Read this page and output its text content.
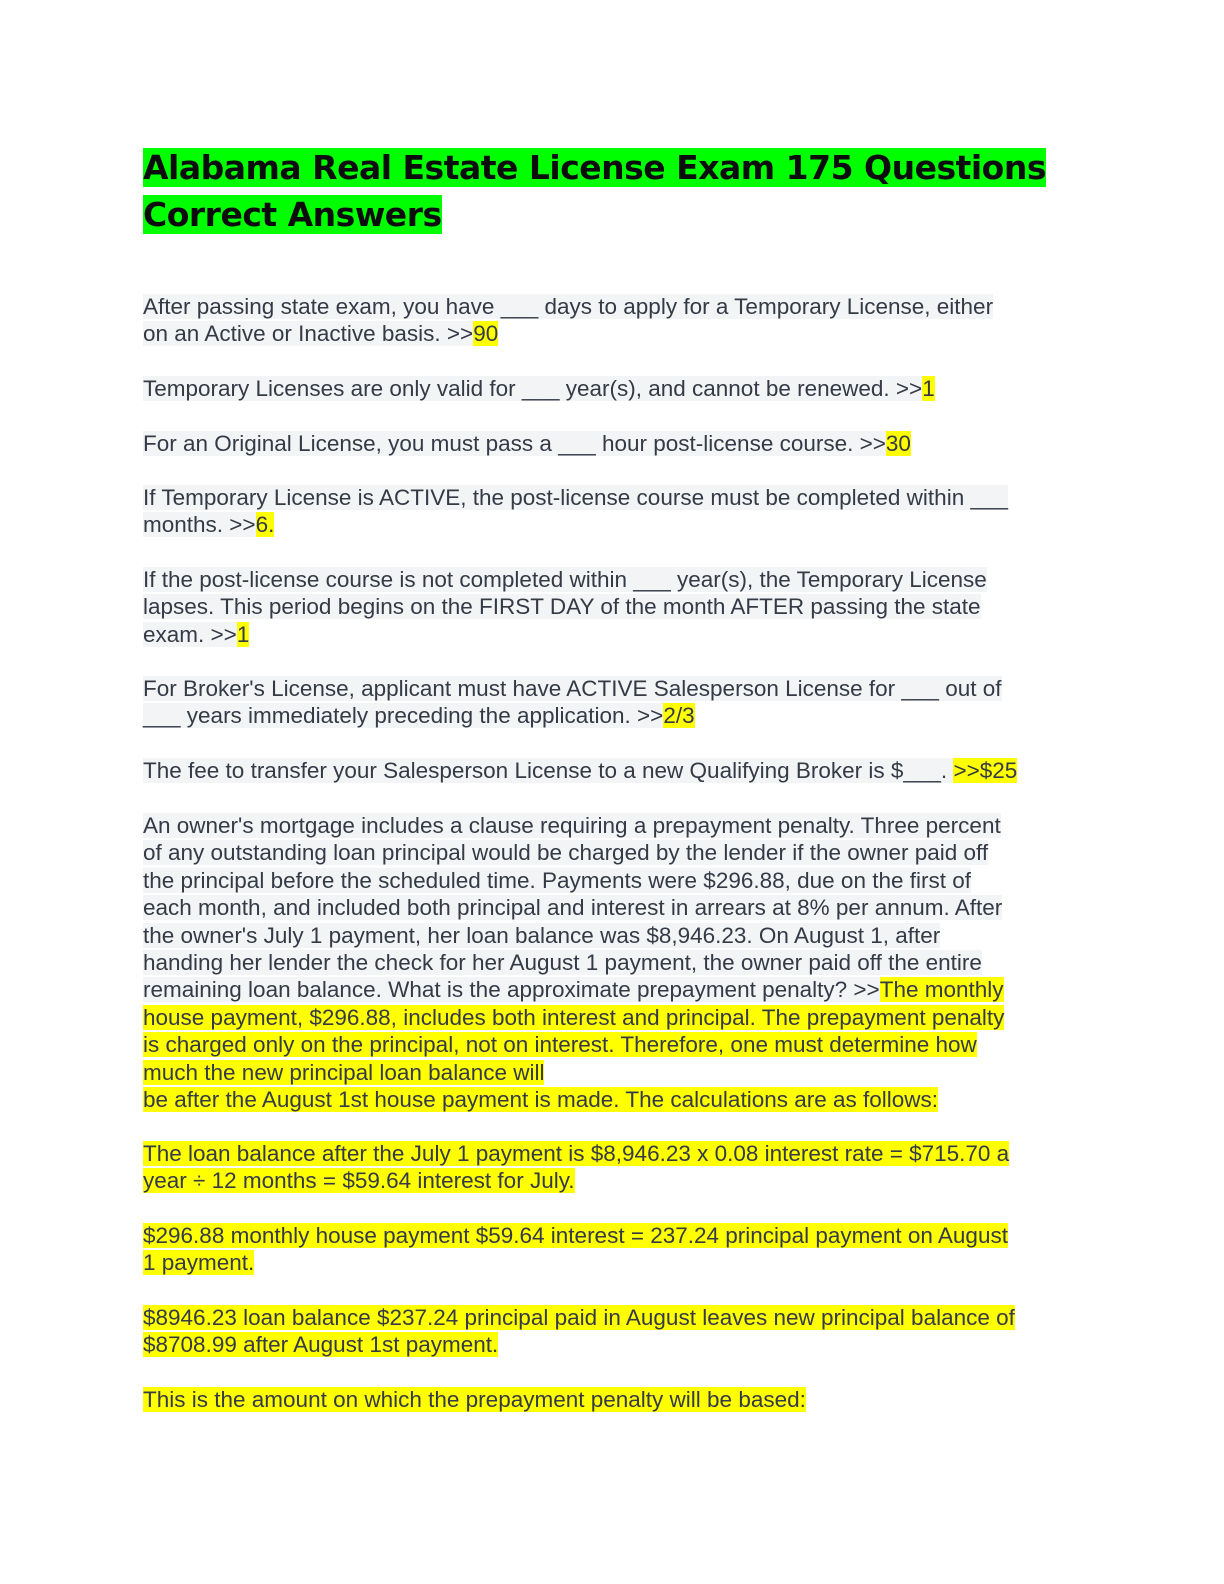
Alabama Real Estate License Exam 175 Questions
Correct Answers
After passing state exam, you have ___ days to apply for a Temporary License, either
on an Active or Inactive basis. >>90
Temporary Licenses are only valid for ___ year(s), and cannot be renewed. >>1
For an Original License, you must pass a ___ hour post-license course. >>30
If Temporary License is ACTIVE, the post-license course must be completed within ___
months. >>6.
If the post-license course is not completed within ___ year(s), the Temporary License
lapses. This period begins on the FIRST DAY of the month AFTER passing the state
exam. >>1
For Broker's License, applicant must have ACTIVE Salesperson License for ___ out of
___ years immediately preceding the application. >>2/3
The fee to transfer your Salesperson License to a new Qualifying Broker is $___. >>$25
An owner's mortgage includes a clause requiring a prepayment penalty. Three percent
of any outstanding loan principal would be charged by the lender if the owner paid off
the principal before the scheduled time. Payments were $296.88, due on the first of
each month, and included both principal and interest in arrears at 8% per annum. After
the owner's July 1 payment, her loan balance was $8,946.23. On August 1, after
handing her lender the check for her August 1 payment, the owner paid off the entire
remaining loan balance. What is the approximate prepayment penalty? >>The monthly
house payment, $296.88, includes both interest and principal. The prepayment penalty
is charged only on the principal, not on interest. Therefore, one must determine how
much the new principal loan balance will
be after the August 1st house payment is made. The calculations are as follows:
The loan balance after the July 1 payment is $8,946.23 x 0.08 interest rate = $715.70 a
year ÷ 12 months = $59.64 interest for July.
$296.88 monthly house payment $59.64 interest = 237.24 principal payment on August
1 payment.
$8946.23 loan balance $237.24 principal paid in August leaves new principal balance of
$8708.99 after August 1st payment.
This is the amount on which the prepayment penalty will be based:
